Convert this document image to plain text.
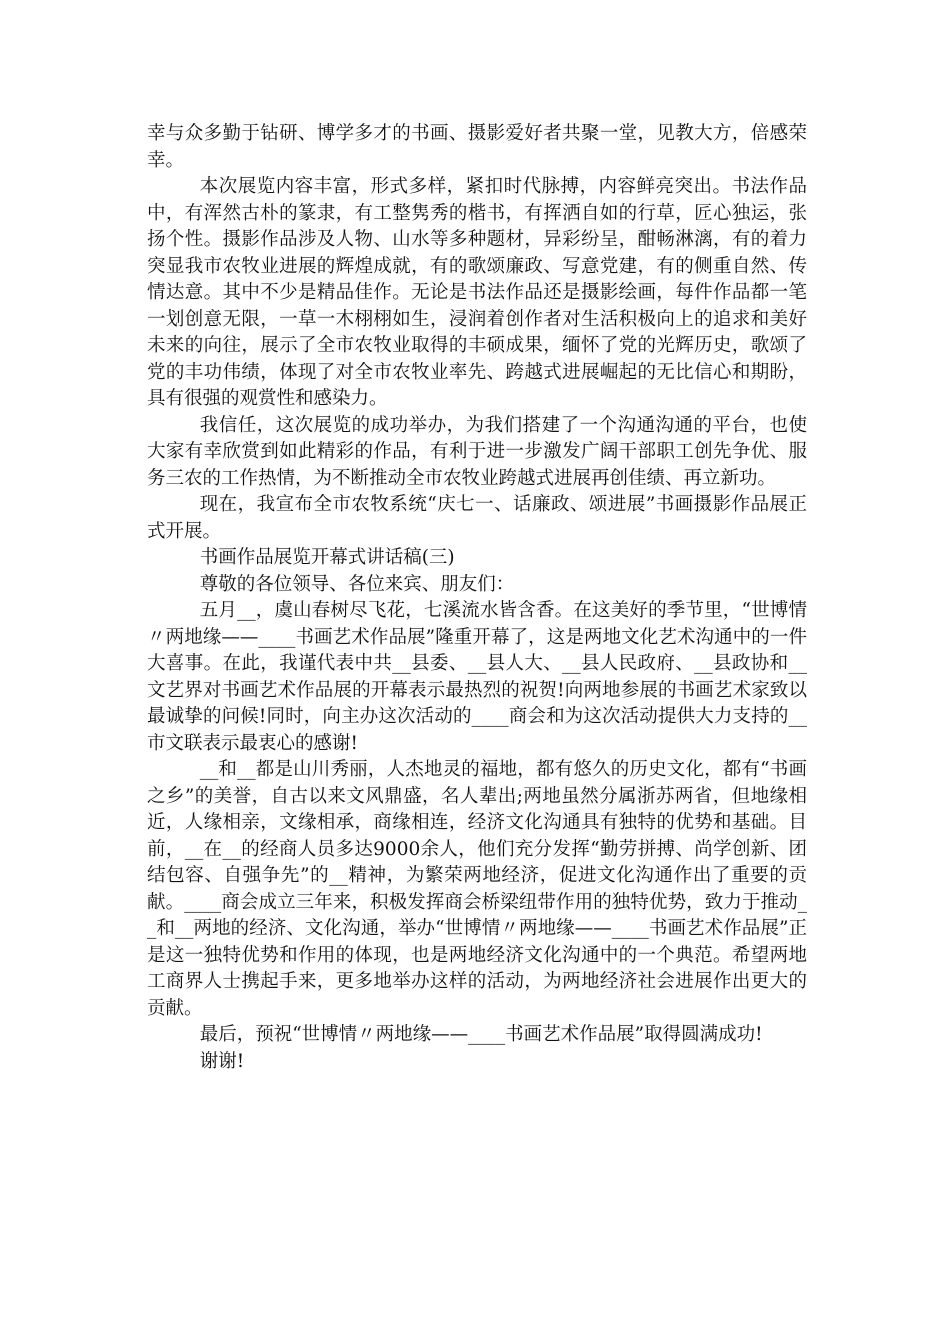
幸与众多勤于钻研、博学多才的书画、摄影爱好者共聚一堂，见教大方，倍感荣幸。

本次展览内容丰富，形式多样，紧扣时代脉搏，内容鲜亮突出。书法作品中，有浑然古朴的篆隶，有工整隽秀的楷书，有挥洒自如的行草，匠心独运，张扬个性。摄影作品涉及人物、山水等多种题材，异彩纷呈，酣畅淋漓，有的着力突显我市农牧业进展的辉煌成就，有的歌颂廉政、写意党建，有的侧重自然、传情达意。其中不少是精品佳作。无论是书法作品还是摄影绘画，每件作品都一笔一划创意无限，一草一木栩栩如生，浸润着创作者对生活积极向上的追求和美好未来的向往，展示了全市农牧业取得的丰硕成果，缅怀了党的光辉历史，歌颂了党的丰功伟绩，体现了对全市农牧业率先、跨越式进展崛起的无比信心和期盼，具有很强的观赏性和感染力。

我信任，这次展览的成功举办，为我们搭建了一个沟通沟通的平台，也使大家有幸欣赏到如此精彩的作品，有利于进一步激发广阔干部职工创先争优、服务三农的工作热情，为不断推动全市农牧业跨越式进展再创佳绩、再立新功。

现在，我宣布全市农牧系统“庆七一、话廉政、颂进展”书画摄影作品展正式开展。

书画作品展览开幕式讲话稿(三)

尊敬的各位领导、各位来宾、朋友们：

五月__，虞山春树尽飞花，七溪流水皆含香。在这美好的季节里，“世博情〃两地缘——____书画艺术作品展”隆重开幕了，这是两地文化艺术沟通中的一件大喜事。在此，我谨代表中共__县委、__县人大、__县人民政府、__县政协和__文艺界对书画艺术作品展的开幕表示最热烈的祝贺!向两地参展的书画艺术家致以最诚挚的问候!同时，向主办这次活动的____商会和为这次活动提供大力支持的__市文联表示最衷心的感谢!

__和__都是山川秀丽，人杰地灵的福地，都有悠久的历史文化，都有“书画之乡”的美誉，自古以来文风鼎盛，名人辈出;两地虽然分属浙苏两省，但地缘相近，人缘相亲，文缘相承，商缘相连，经济文化沟通具有独特的优势和基础。目前，__在__的经商人员多达9000余人，他们充分发挥“勤劳拼搏、尚学创新、团结包容、自强争先”的__精神，为繁荣两地经济，促进文化沟通作出了重要的贡献。____商会成立三年来，积极发挥商会桥梁纽带作用的独特优势，致力于推动__和__两地的经济、文化沟通，举办“世博情〃两地缘——____书画艺术作品展”正是这一独特优势和作用的体现，也是两地经济文化沟通中的一个典范。希望两地工商界人士携起手来，更多地举办这样的活动，为两地经济社会进展作出更大的贡献。

最后，预祝“世博情〃两地缘——____书画艺术作品展”取得圆满成功!

谢谢!
